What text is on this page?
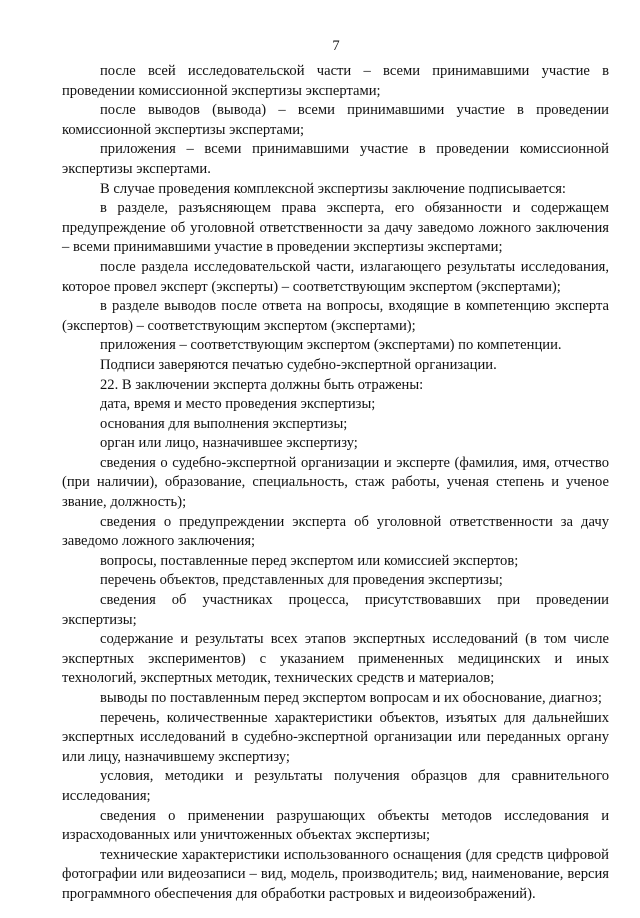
7

после всей исследовательской части – всеми принимавшими участие в проведении комиссионной экспертизы экспертами;

после выводов (вывода) – всеми принимавшими участие в проведении комиссионной экспертизы экспертами;

приложения – всеми принимавшими участие в проведении комиссионной экспертизы экспертами.

В случае проведения комплексной экспертизы заключение подписывается:

в разделе, разъясняющем права эксперта, его обязанности и содержащем предупреждение об уголовной ответственности за дачу заведомо ложного заключения – всеми принимавшими участие в проведении экспертизы экспертами;

после раздела исследовательской части, излагающего результаты исследования, которое провел эксперт (эксперты) – соответствующим экспертом (экспертами);

в разделе выводов после ответа на вопросы, входящие в компетенцию эксперта (экспертов) – соответствующим экспертом (экспертами);

приложения – соответствующим экспертом (экспертами) по компетенции.

Подписи заверяются печатью судебно-экспертной организации.

22. В заключении эксперта должны быть отражены:

дата, время и место проведения экспертизы;

основания для выполнения экспертизы;

орган или лицо, назначившее экспертизу;

сведения о судебно-экспертной организации и эксперте (фамилия, имя, отчество (при наличии), образование, специальность, стаж работы, ученая степень и ученое звание, должность);

сведения о предупреждении эксперта об уголовной ответственности за дачу заведомо ложного заключения;

вопросы, поставленные перед экспертом или комиссией экспертов;

перечень объектов, представленных для проведения экспертизы;

сведения об участниках процесса, присутствовавших при проведении экспертизы;

содержание и результаты всех этапов экспертных исследований (в том числе экспертных экспериментов) с указанием примененных медицинских и иных технологий, экспертных методик, технических средств и материалов;

выводы по поставленным перед экспертом вопросам и их обоснование, диагноз;

перечень, количественные характеристики объектов, изъятых для дальнейших экспертных исследований в судебно-экспертной организации или переданных органу или лицу, назначившему экспертизу;

условия, методики и результаты получения образцов для сравнительного исследования;

сведения о применении разрушающих объекты методов исследования и израсходованных или уничтоженных объектах экспертизы;

технические характеристики использованного оснащения (для средств цифровой фотографии или видеозаписи – вид, модель, производитель; вид, наименование, версия программного обеспечения для обработки растровых и видеоизображений).
